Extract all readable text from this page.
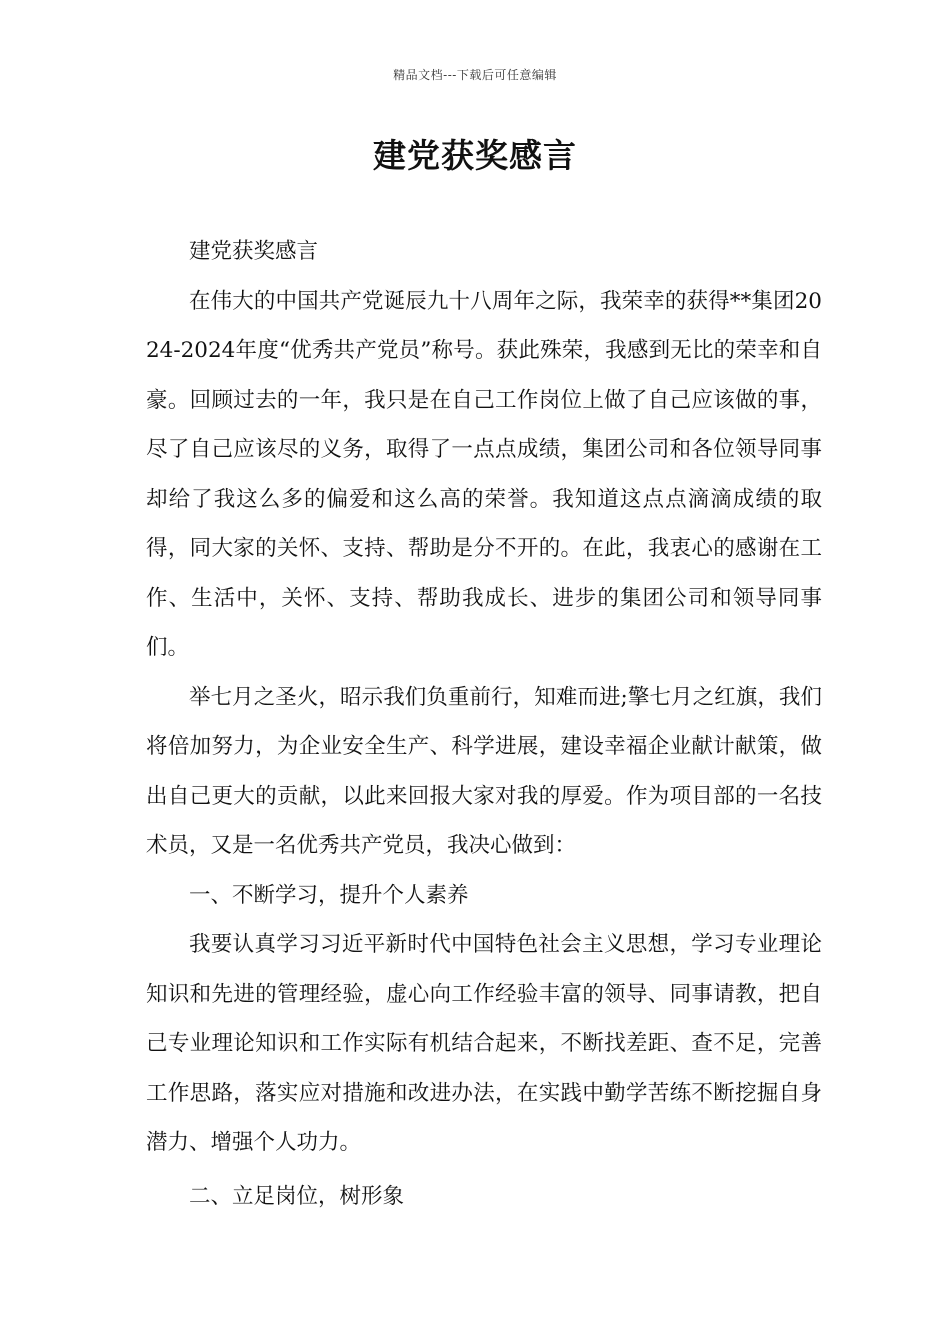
精品文档---下载后可任意编辑
建党获奖感言

建党获奖感言

在伟大的中国共产党诞辰九十八周年之际，我荣幸的获得**集团2024-2024年度“优秀共产党员”称号。获此殊荣，我感到无比的荣幸和自豪。回顾过去的一年，我只是在自己工作岗位上做了自己应该做的事，尽了自己应该尽的义务，取得了一点点成绩，集团公司和各位领导同事却给了我这么多的偏爱和这么高的荣誉。我知道这点点滴滴成绩的取得，同大家的关怀、支持、帮助是分不开的。在此，我衷心的感谢在工作、生活中，关怀、支持、帮助我成长、进步的集团公司和领导同事们。

举七月之圣火，昭示我们负重前行，知难而进;擎七月之红旗，我们将倍加努力，为企业安全生产、科学进展，建设幸福企业献计献策，做出自己更大的贡献，以此来回报大家对我的厚爱。作为项目部的一名技术员，又是一名优秀共产党员，我决心做到：

一、不断学习，提升个人素养

我要认真学习习近平新时代中国特色社会主义思想，学习专业理论知识和先进的管理经验，虚心向工作经验丰富的领导、同事请教，把自己专业理论知识和工作实际有机结合起来，不断找差距、查不足，完善工作思路，落实应对措施和改进办法，在实践中勤学苦练不断挖掘自身潜力、增强个人功力。

二、立足岗位，树形象
